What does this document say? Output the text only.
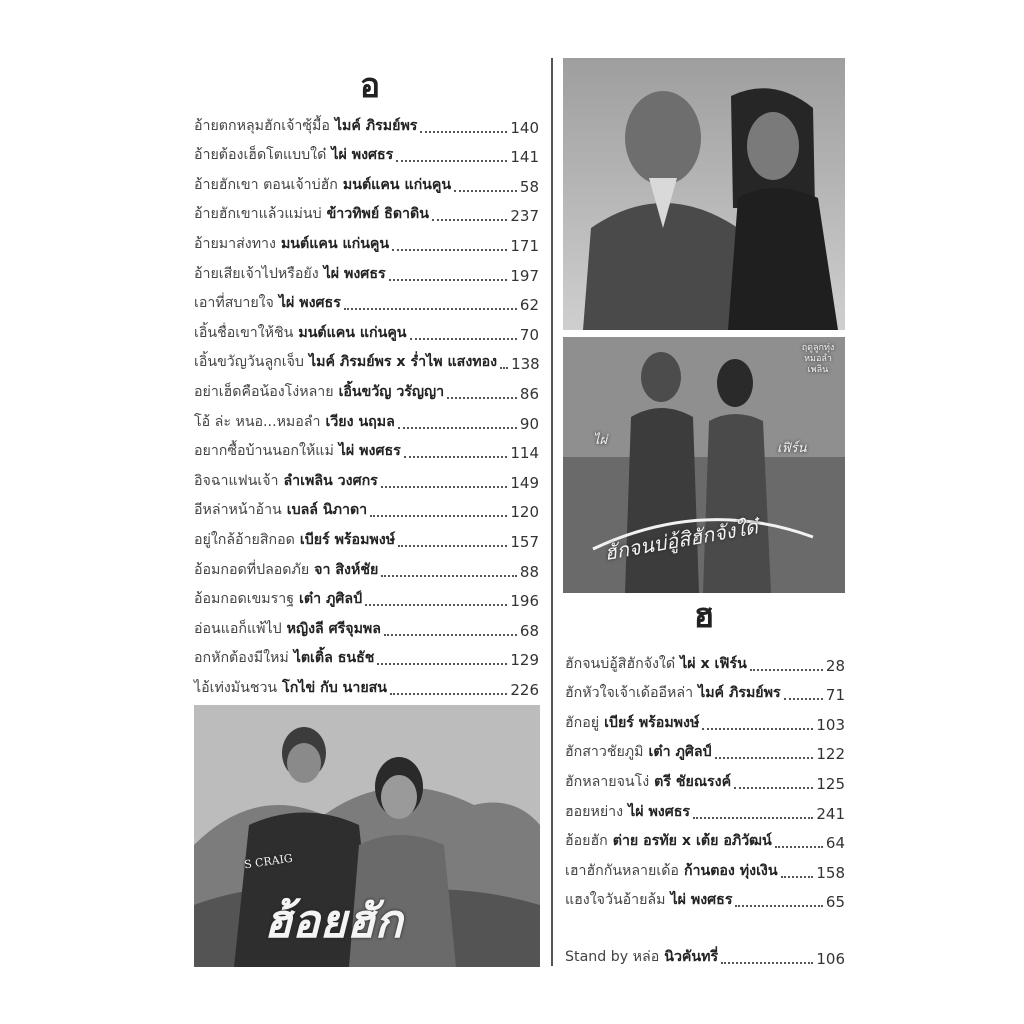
อ
อ้ายตกหลุมฮักเจ้าซุ้มื้อ ไมค์ ภิรมย์พร	140
อ้ายต้องเฮ็ดโตแบบใด๋ ไผ่ พงศธร	141
อ้ายฮักเขา ตอนเจ้าบ่ฮัก มนต์แคน แก่นคูน	58
อ้ายฮักเขาแล้วแม่นบ่ ข้าวทิพย์ ธิดาดิน	237
อ้ายมาส่งทาง มนต์แคน แก่นคูน	171
อ้ายเสียเจ้าไปหรือยัง ไผ่ พงศธร	197
เอาที่สบายใจ ไผ่ พงศธร	62
เอิ้นชื่อเขาให้ชิน มนต์แคน แก่นคูน	70
เอิ้นขวัญวันลูกเจ็บ ไมค์ ภิรมย์พร x ร่ำไพ แสงทอง 138
อย่าเฮ็ดคือน้องโง่หลาย เอิ้นขวัญ วรัญญา	86
โอ้ ล่ะ หนอ...หมอลำ เวียง นฤมล	90
อยากซื้อบ้านนอกให้แม่ ไผ่ พงศธร	114
อิจฉาแฟนเจ้า ลำเพลิน วงศกร	149
อีหล่าหน้าอ้าน เบลล์ นิภาดา	120
อยู่ใกล้อ้ายสิกอด เบียร์ พร้อมพงษ์	157
อ้อมกอดที่ปลอดภัย จา สิงห์ชัย	88
อ้อมกอดเขมราฐ เต๋า ภูศิลป์	196
อ่อนแอก็แพ้ไป หญิงลี ศรีจุมพล	68
อกหักต้องมีใหม่ ไตเติ้ล ธนธัช	129
ไอ้เท่งมันชวน โกไข่ กับ นายสน	226
ฤดูลูกทุ่ง หมอลำเพลิน
ไผ่
เฟิร์น
ฮักจนบ่อู้สิฮักจังใด๋
ฮ
ฮักจนบ่อู้สิฮักจังใด๋ ไผ่ x เฟิร์น	28
ฮักหัวใจเจ้าเด้ออีหล่า ไมค์ ภิรมย์พร	71
ฮักอยู่ เบียร์ พร้อมพงษ์	103
ฮักสาวชัยภูมิ เต๋า ภูศิลป์	122
ฮักหลายจนโง่ ตรี ชัยณรงค์	125
ฮอยหย่าง ไผ่ พงศธร	241
ฮ้อยฮัก ต่าย อรทัย x เต้ย อภิวัฒน์	64
เฮาฮักกันหลายเด้อ ก้านตอง ทุ่งเงิน	158
แฮงใจวันอ้ายล้ม ไผ่ พงศธร	65
Stand by หล่อ นิวคันทรี่	106
S CRAIG
ฮ้อยฮัก
